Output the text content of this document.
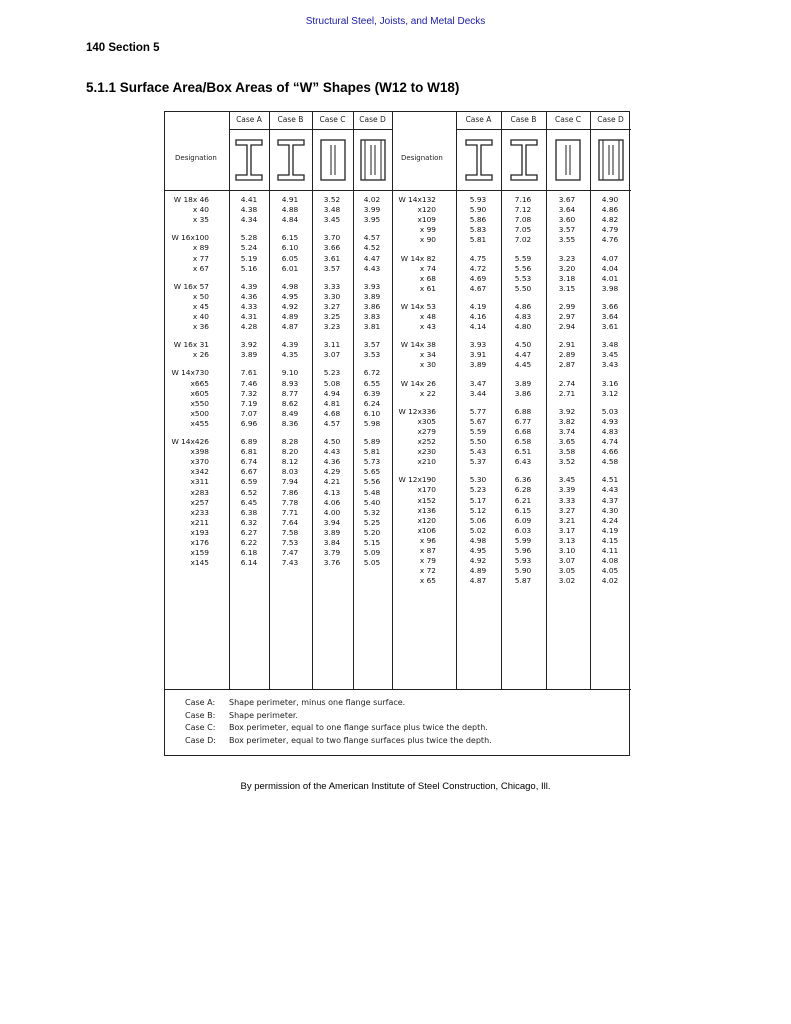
Structural Steel, Joists, and Metal Decks
140 Section 5
5.1.1 Surface Area/Box Areas of “W” Shapes (W12 to W18)
Case A	Case B	Case C	Case D	Case A	Case B	Case C	Case D
Designation	Designation
W 18x 46	4.41	4.91	3.52	4.02
x 40	4.38	4.88	3.48	3.99
x 35	4.34	4.84	3.45	3.95
W 16x100	5.28	6.15	3.70	4.57
x 89	5.24	6.10	3.66	4.52
x 77	5.19	6.05	3.61	4.47
x 67	5.16	6.01	3.57	4.43
W 16x 57	4.39	4.98	3.33	3.93
x 50	4.36	4.95	3.30	3.89
x 45	4.33	4.92	3.27	3.86
x 40	4.31	4.89	3.25	3.83
x 36	4.28	4.87	3.23	3.81
W 16x 31	3.92	4.39	3.11	3.57
x 26	3.89	4.35	3.07	3.53
W 14x730	7.61	9.10	5.23	6.72
x665	7.46	8.93	5.08	6.55
x605	7.32	8.77	4.94	6.39
x550	7.19	8.62	4.81	6.24
x500	7.07	8.49	4.68	6.10
x455	6.96	8.36	4.57	5.98
W 14x426	6.89	8.28	4.50	5.89
x398	6.81	8.20	4.43	5.81
x370	6.74	8.12	4.36	5.73
x342	6.67	8.03	4.29	5.65
x311	6.59	7.94	4.21	5.56
x283	6.52	7.86	4.13	5.48
x257	6.45	7.78	4.06	5.40
x233	6.38	7.71	4.00	5.32
x211	6.32	7.64	3.94	5.25
x193	6.27	7.58	3.89	5.20
x176	6.22	7.53	3.84	5.15
x159	6.18	7.47	3.79	5.09
x145	6.14	7.43	3.76	5.05
W 14x132	5.93	7.16	3.67	4.90
x120	5.90	7.12	3.64	4.86
x109	5.86	7.08	3.60	4.82
x 99	5.83	7.05	3.57	4.79
x 90	5.81	7.02	3.55	4.76
W 14x 82	4.75	5.59	3.23	4.07
x 74	4.72	5.56	3.20	4.04
x 68	4.69	5.53	3.18	4.01
x 61	4.67	5.50	3.15	3.98
W 14x 53	4.19	4.86	2.99	3.66
x 48	4.16	4.83	2.97	3.64
x 43	4.14	4.80	2.94	3.61
W 14x 38	3.93	4.50	2.91	3.48
x 34	3.91	4.47	2.89	3.45
x 30	3.89	4.45	2.87	3.43
W 14x 26	3.47	3.89	2.74	3.16
x 22	3.44	3.86	2.71	3.12
W 12x336	5.77	6.88	3.92	5.03
x305	5.67	6.77	3.82	4.93
x279	5.59	6.68	3.74	4.83
x252	5.50	6.58	3.65	4.74
x230	5.43	6.51	3.58	4.66
x210	5.37	6.43	3.52	4.58
W 12x190	5.30	6.36	3.45	4.51
x170	5.23	6.28	3.39	4.43
x152	5.17	6.21	3.33	4.37
x136	5.12	6.15	3.27	4.30
x120	5.06	6.09	3.21	4.24
x106	5.02	6.03	3.17	4.19
x 96	4.98	5.99	3.13	4.15
x 87	4.95	5.96	3.10	4.11
x 79	4.92	5.93	3.07	4.08
x 72	4.89	5.90	3.05	4.05
x 65	4.87	5.87	3.02	4.02
Case A: Shape perimeter, minus one flange surface.
Case B: Shape perimeter.
Case C: Box perimeter, equal to one flange surface plus twice the depth.
Case D: Box perimeter, equal to two flange surfaces plus twice the depth.
By permission of the American Institute of Steel Construction, Chicago, Ill.
